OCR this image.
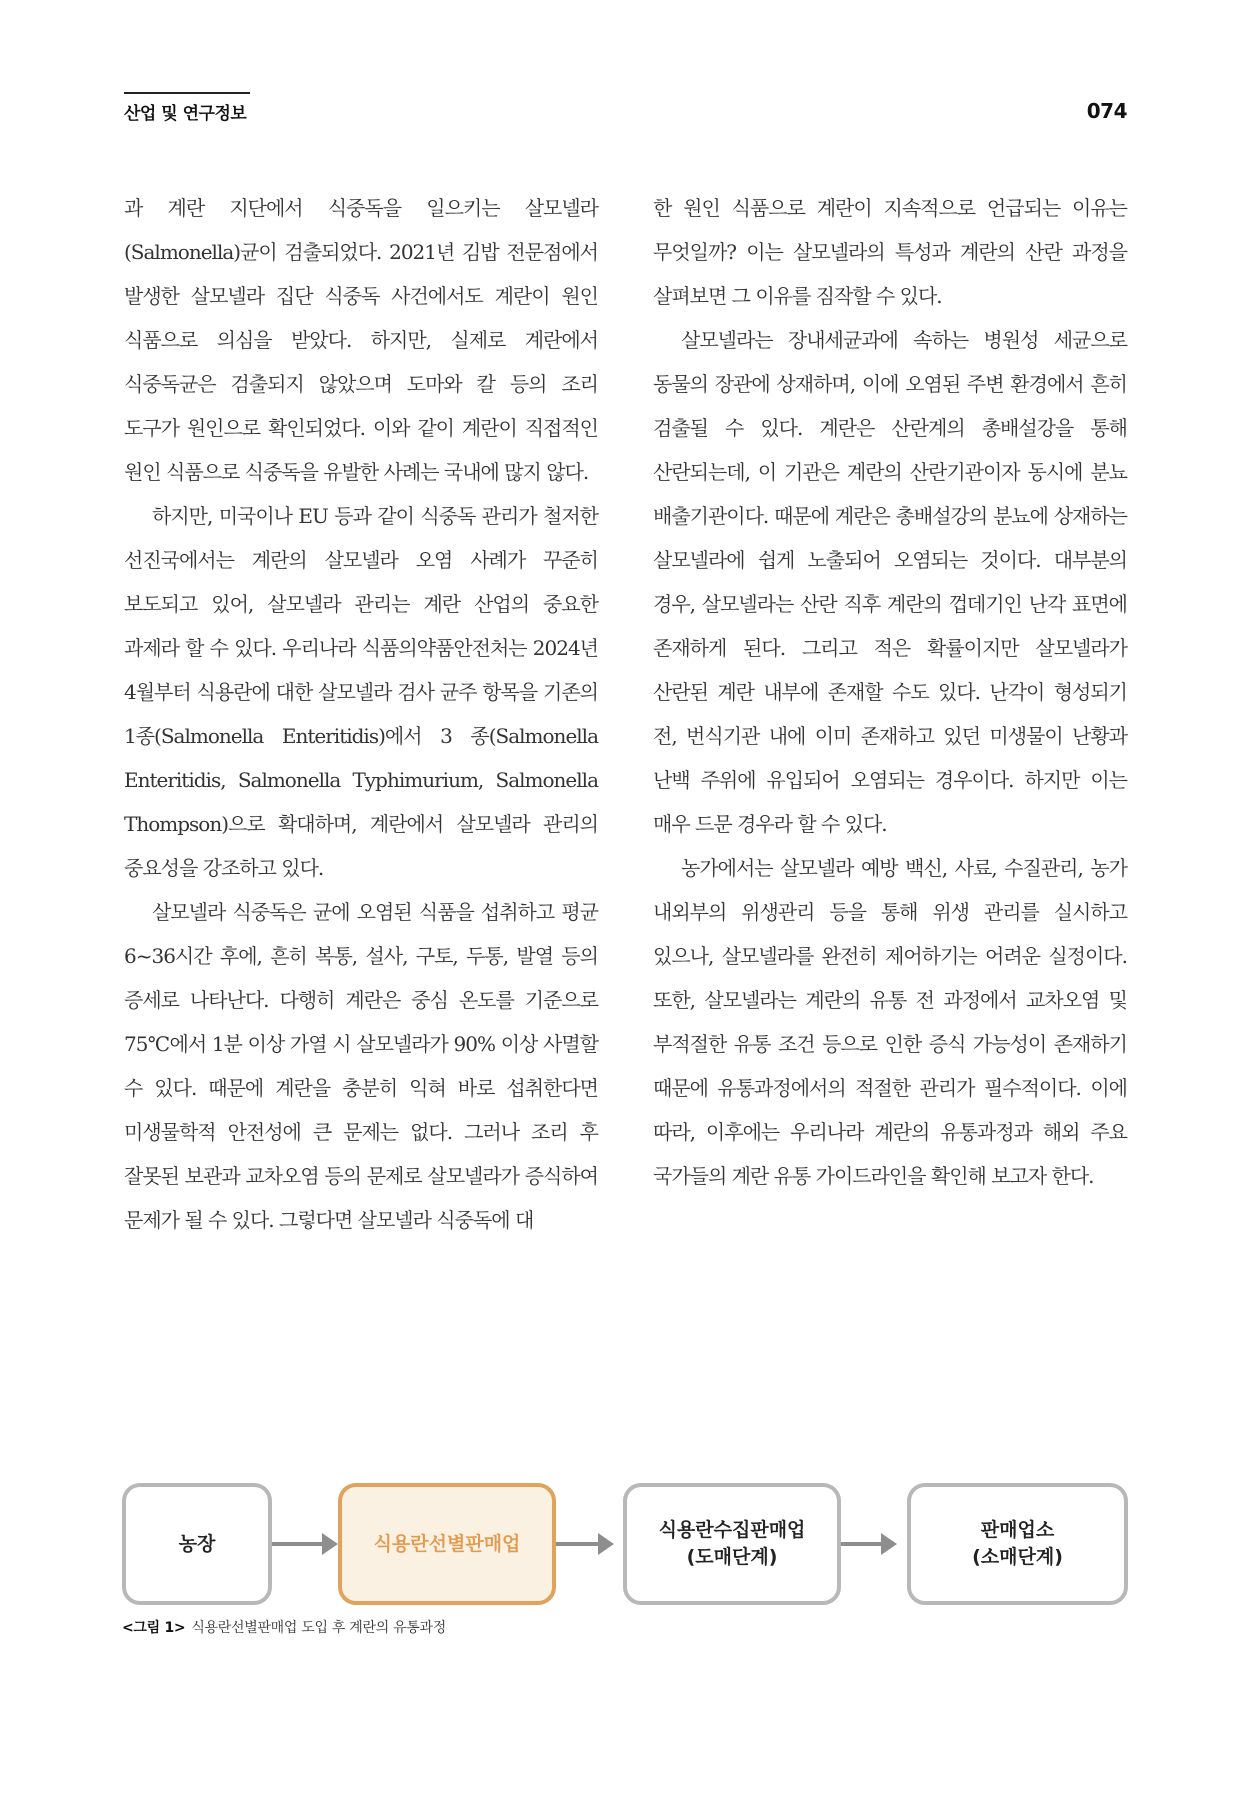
산업 및 연구정보	074

과 계란 지단에서 식중독을 일으키는 살모넬라 (Salmonella)균이 검출되었다. 2021년 김밥 전문점에서 발생한 살모넬라 집단 식중독 사건에서도 계란이 원인 식품으로 의심을 받았다. 하지만, 실제로 계란에서 식중독균은 검출되지 않았으며 도마와 칼 등의 조리 도구가 원인으로 확인되었다. 이와 같이 계란이 직접적인 원인 식품으로 식중독을 유발한 사례는 국내에 많지 않다.

하지만, 미국이나 EU 등과 같이 식중독 관리가 철저한 선진국에서는 계란의 살모넬라 오염 사례가 꾸준히 보도되고 있어, 살모넬라 관리는 계란 산업의 중요한 과제라 할 수 있다. 우리나라 식품의약품안전처는 2024년 4월부터 식용란에 대한 살모넬라 검사 균주 항목을 기존의 1종(Salmonella Enteritidis)에서 3 종(Salmonella Enteritidis, Salmonella Typhimurium, Salmonella Thompson)으로 확대하며, 계란에서 살모넬라 관리의 중요성을 강조하고 있다.

살모넬라 식중독은 균에 오염된 식품을 섭취하고 평균 6~36시간 후에, 흔히 복통, 설사, 구토, 두통, 발열 등의 증세로 나타난다. 다행히 계란은 중심 온도를 기준으로 75℃에서 1분 이상 가열 시 살모넬라가 90% 이상 사멸할 수 있다. 때문에 계란을 충분히 익혀 바로 섭취한다면 미생물학적 안전성에 큰 문제는 없다. 그러나 조리 후 잘못된 보관과 교차오염 등의 문제로 살모넬라가 증식하여 문제가 될 수 있다. 그렇다면 살모넬라 식중독에 대

한 원인 식품으로 계란이 지속적으로 언급되는 이유는 무엇일까? 이는 살모넬라의 특성과 계란의 산란 과정을 살펴보면 그 이유를 짐작할 수 있다.

살모넬라는 장내세균과에 속하는 병원성 세균으로 동물의 장관에 상재하며, 이에 오염된 주변 환경에서 흔히 검출될 수 있다. 계란은 산란계의 총배설강을 통해 산란되는데, 이 기관은 계란의 산란기관이자 동시에 분뇨 배출기관이다. 때문에 계란은 총배설강의 분뇨에 상재하는 살모넬라에 쉽게 노출되어 오염되는 것이다. 대부분의 경우, 살모넬라는 산란 직후 계란의 껍데기인 난각 표면에 존재하게 된다. 그리고 적은 확률이지만 살모넬라가 산란된 계란 내부에 존재할 수도 있다. 난각이 형성되기 전, 번식기관 내에 이미 존재하고 있던 미생물이 난황과 난백 주위에 유입되어 오염되는 경우이다. 하지만 이는 매우 드문 경우라 할 수 있다.

농가에서는 살모넬라 예방 백신, 사료, 수질관리, 농가 내외부의 위생관리 등을 통해 위생 관리를 실시하고 있으나, 살모넬라를 완전히 제어하기는 어려운 실정이다. 또한, 살모넬라는 계란의 유통 전 과정에서 교차오염 및 부적절한 유통 조건 등으로 인한 증식 가능성이 존재하기 때문에 유통과정에서의 적절한 관리가 필수적이다. 이에 따라, 이후에는 우리나라 계란의 유통과정과 해외 주요 국가들의 계란 유통 가이드라인을 확인해 보고자 한다.

농장	식용란선별판매업
식용란수집판매업
(도매단계)
판매업소
(소매단계)
<그림 1> 식용란선별판매업 도입 후 계란의 유통과정
